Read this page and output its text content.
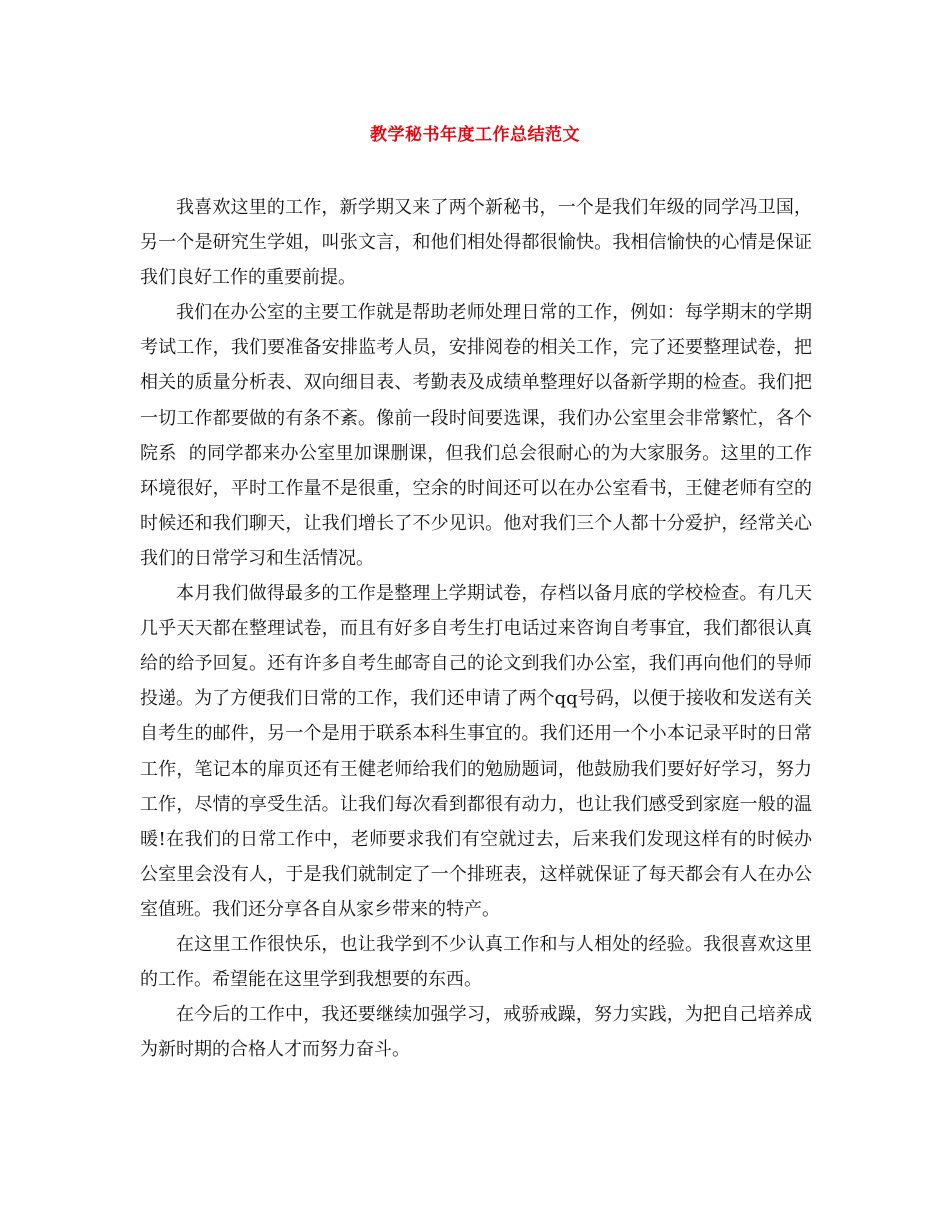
教学秘书年度工作总结范文

我喜欢这里的工作，新学期又来了两个新秘书，一个是我们年级的同学冯卫国，另一个是研究生学姐，叫张文言，和他们相处得都很愉快。我相信愉快的心情是保证我们良好工作的重要前提。

我们在办公室的主要工作就是帮助老师处理日常的工作，例如：每学期末的学期考试工作，我们要准备安排监考人员，安排阅卷的相关工作，完了还要整理试卷，把相关的质量分析表、双向细目表、考勤表及成绩单整理好以备新学期的检查。我们把一切工作都要做的有条不紊。像前一段时间要选课，我们办公室里会非常繁忙，各个院系  的同学都来办公室里加课删课，但我们总会很耐心的为大家服务。这里的工作环境很好，平时工作量不是很重，空余的时间还可以在办公室看书，王健老师有空的时候还和我们聊天，让我们增长了不少见识。他对我们三个人都十分爱护，经常关心我们的日常学习和生活情况。

本月我们做得最多的工作是整理上学期试卷，存档以备月底的学校检查。有几天几乎天天都在整理试卷，而且有好多自考生打电话过来咨询自考事宜，我们都很认真给的给予回复。还有许多自考生邮寄自己的论文到我们办公室，我们再向他们的导师投递。为了方便我们日常的工作，我们还申请了两个qq号码，以便于接收和发送有关自考生的邮件，另一个是用于联系本科生事宜的。我们还用一个小本记录平时的日常工作，笔记本的扉页还有王健老师给我们的勉励题词，他鼓励我们要好好学习，努力工作，尽情的享受生活。让我们每次看到都很有动力，也让我们感受到家庭一般的温暖!在我们的日常工作中，老师要求我们有空就过去，后来我们发现这样有的时候办公室里会没有人，于是我们就制定了一个排班表，这样就保证了每天都会有人在办公室值班。我们还分享各自从家乡带来的特产。

在这里工作很快乐，也让我学到不少认真工作和与人相处的经验。我很喜欢这里的工作。希望能在这里学到我想要的东西。

在今后的工作中，我还要继续加强学习，戒骄戒躁，努力实践，为把自己培养成为新时期的合格人才而努力奋斗。
